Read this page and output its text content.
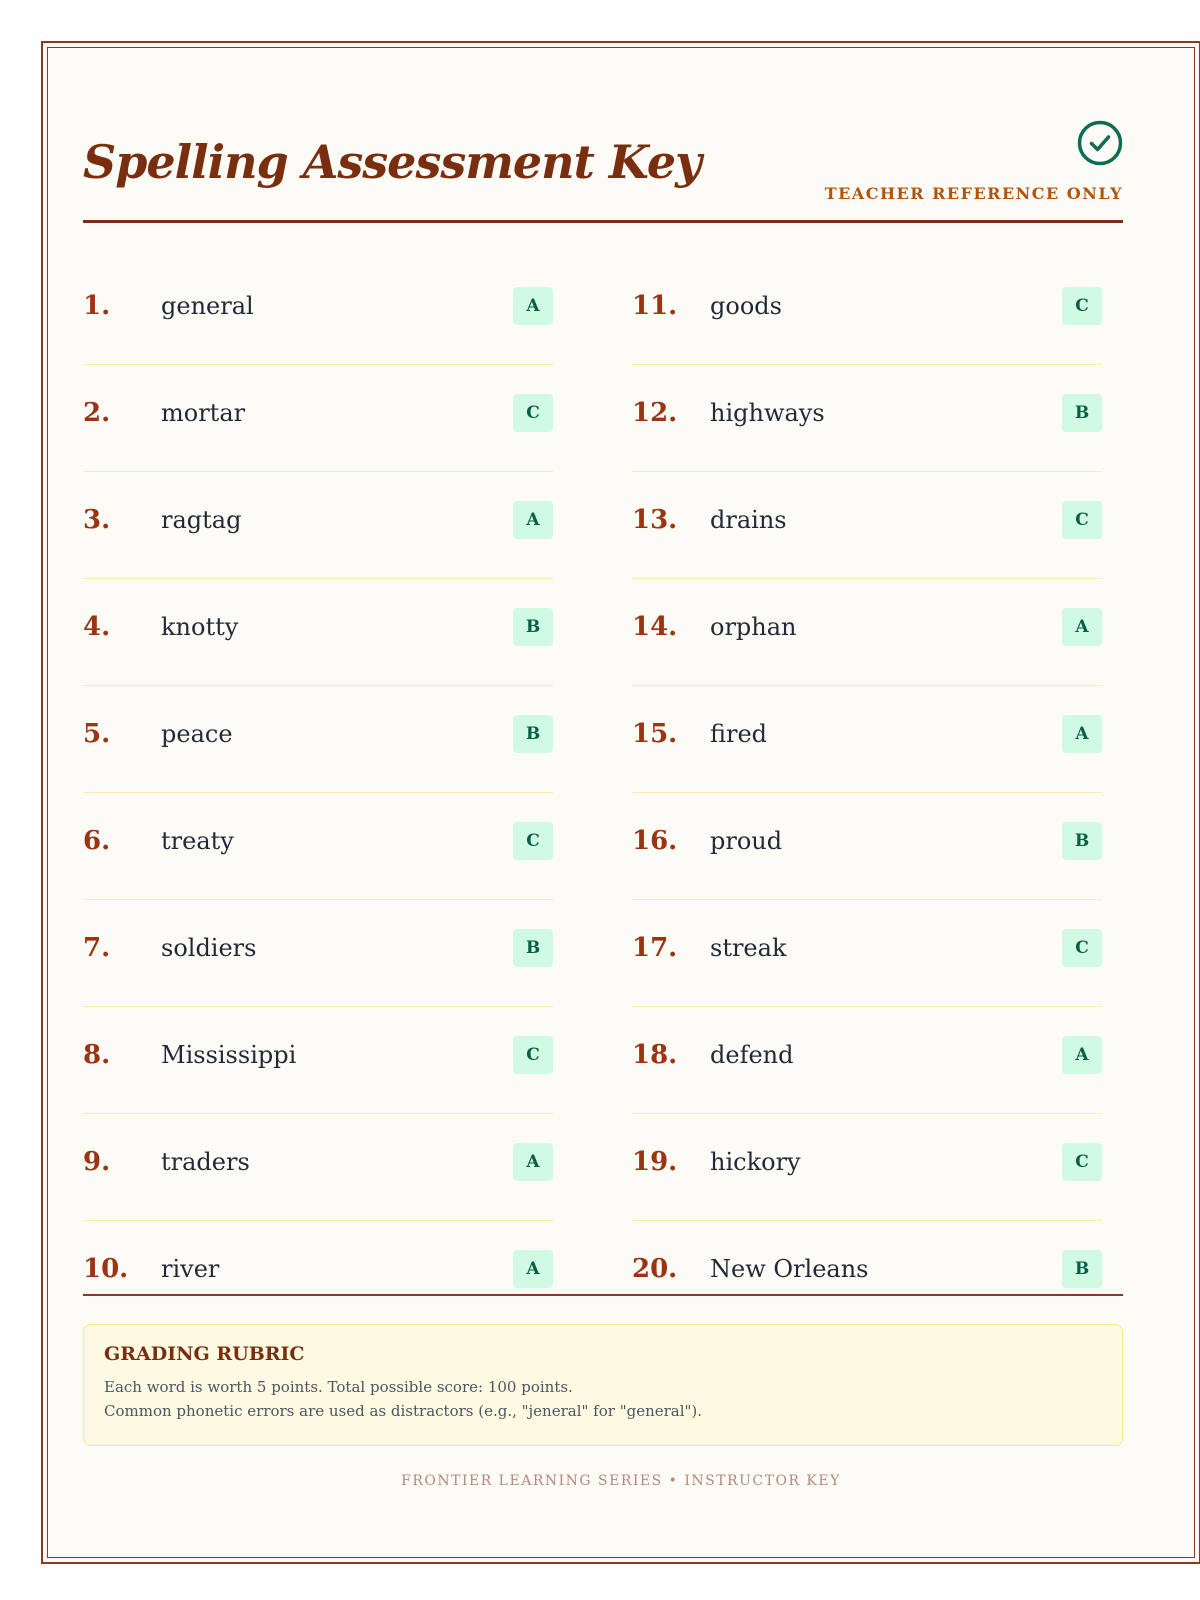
Spelling Assessment Key
TEACHER REFERENCE ONLY
1. general	A
2. mortar	C
3. ragtag	A
4. knotty	B
5. peace	B
6. treaty	C
7. soldiers	B
8. Mississippi	C
9. traders	A
10. river	A
11. goods	C
12. highways	B
13. drains	C
14. orphan	A
15. fired	A
16. proud	B
17. streak	C
18. defend	A
19. hickory	C
20. New Orleans	B
GRADING RUBRIC
Each word is worth 5 points. Total possible score: 100 points.
Common phonetic errors are used as distractors (e.g., "jeneral" for "general").
FRONTIER LEARNING SERIES • INSTRUCTOR KEY
